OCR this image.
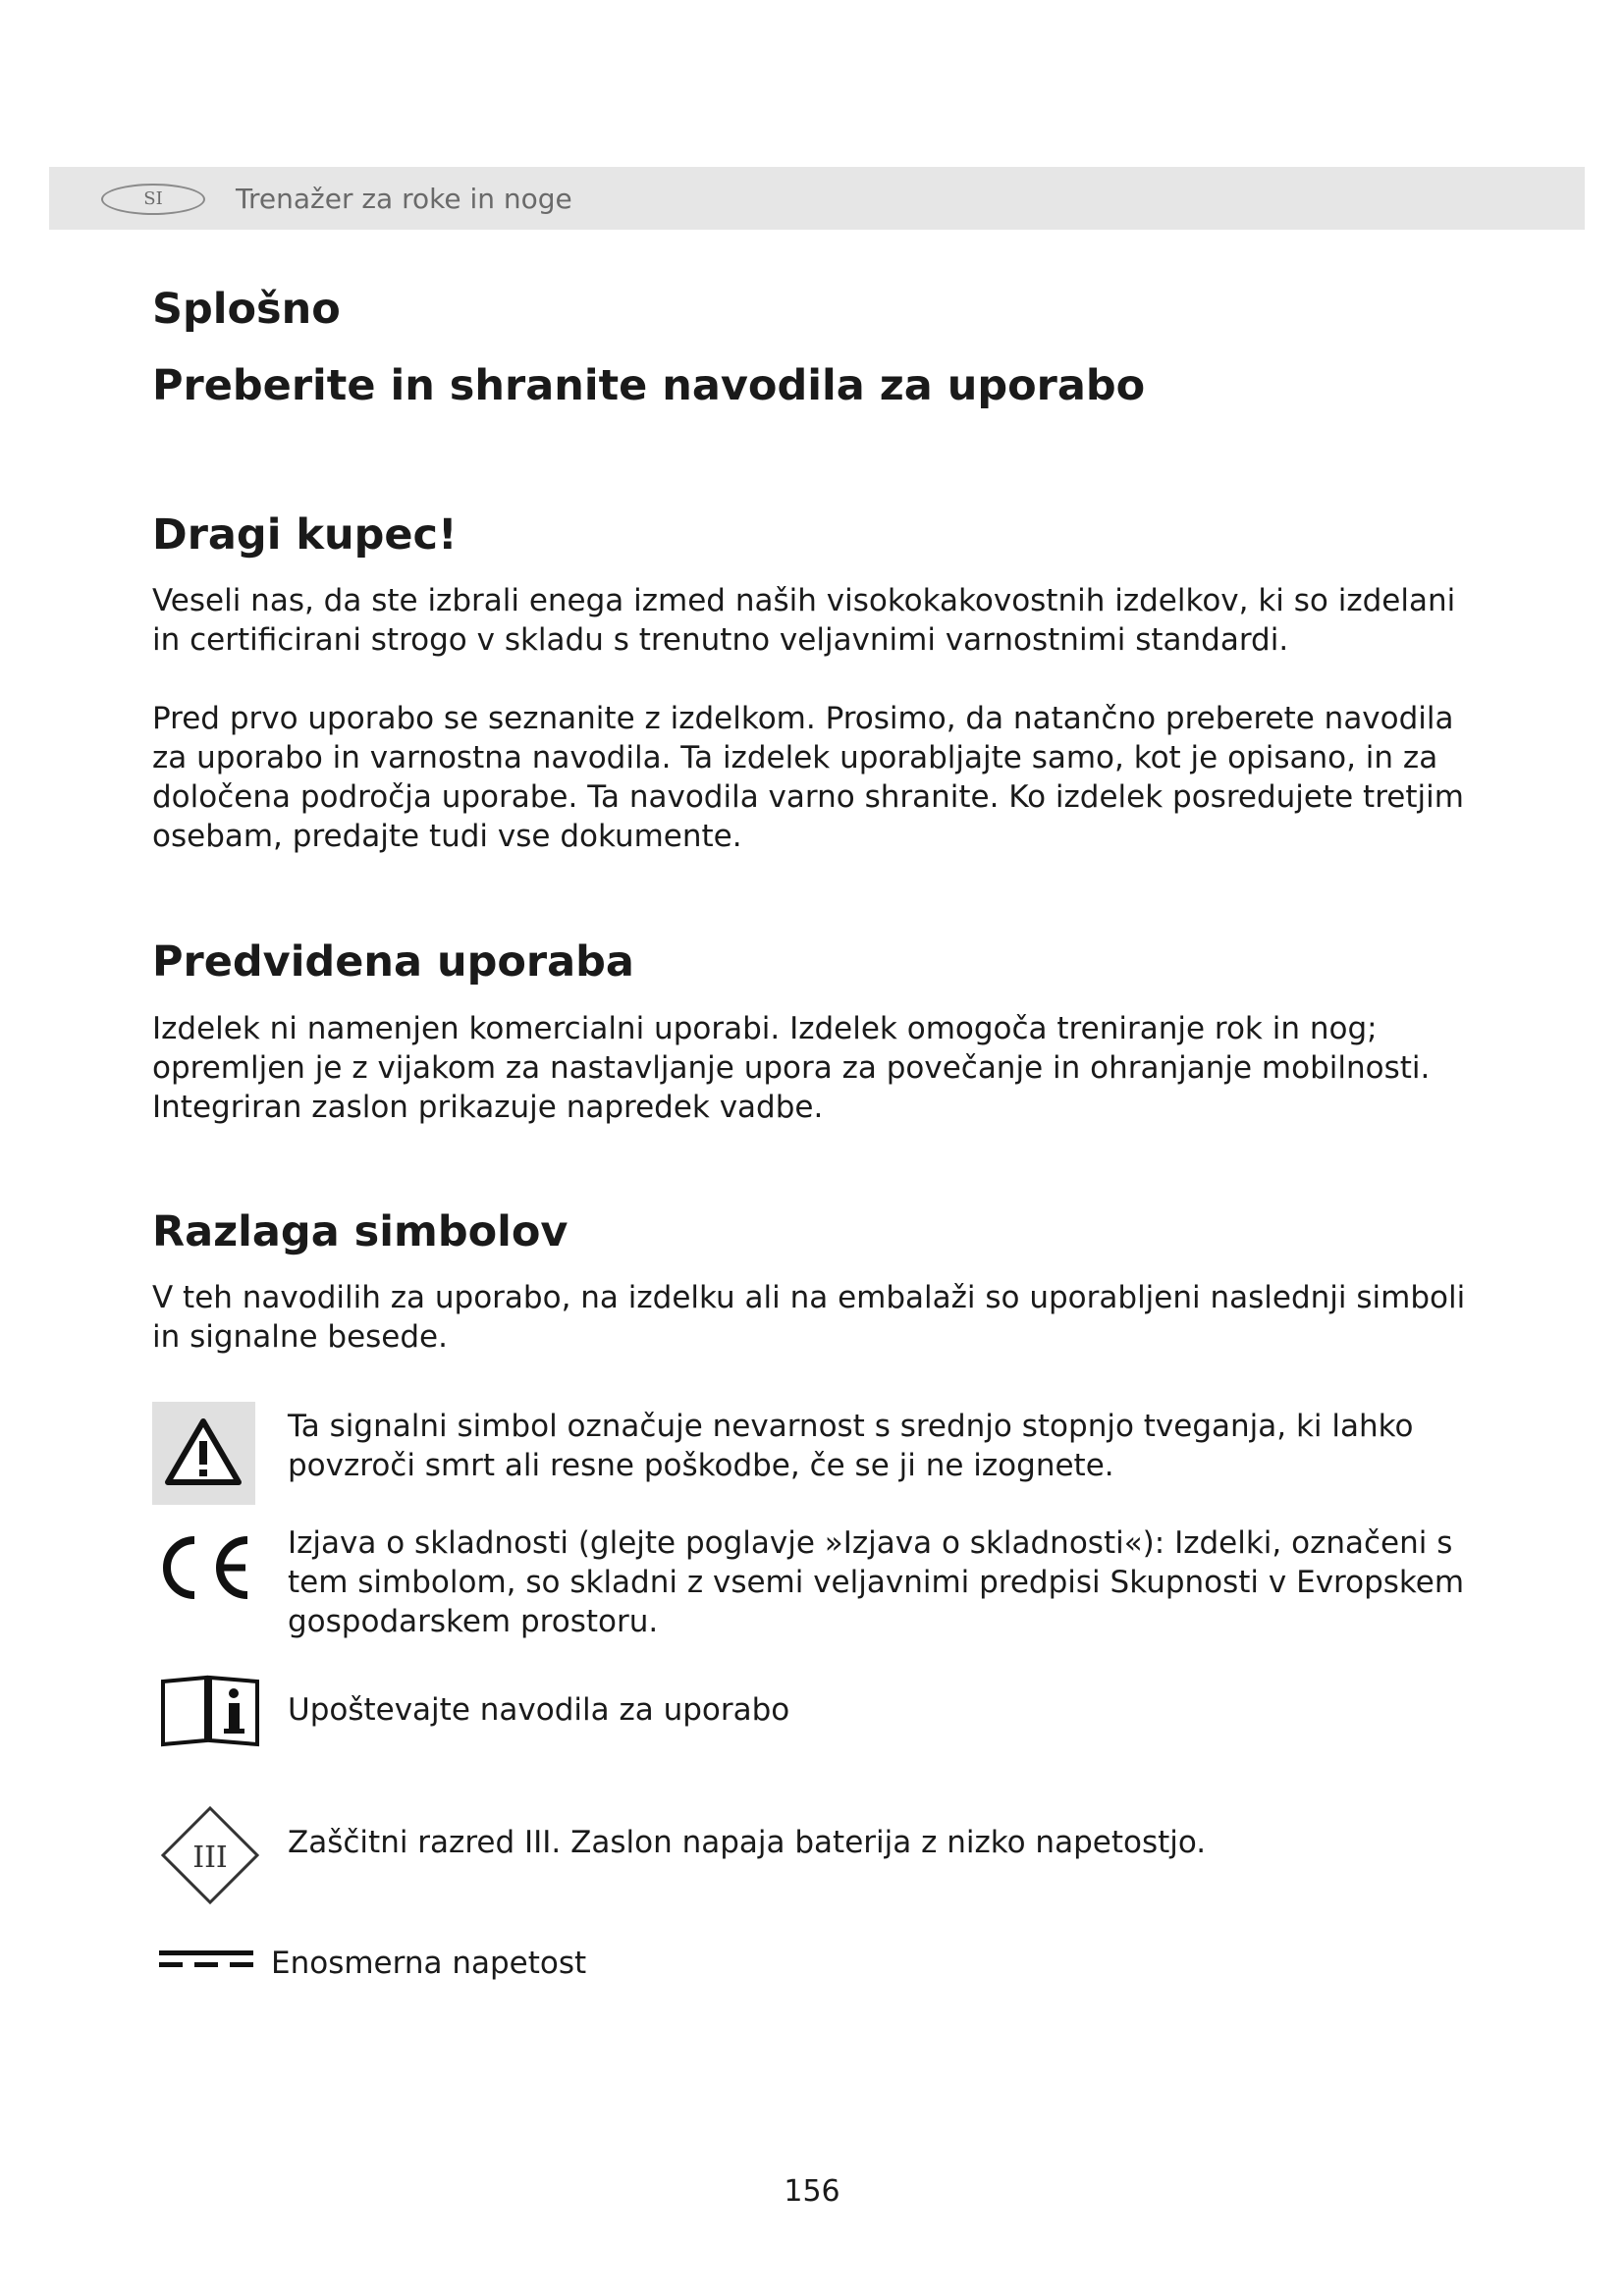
SI	Trenažer za roke in noge
Splošno
Preberite in shranite navodila za uporabo
Dragi kupec!

Veseli nas, da ste izbrali enega izmed naših visokokakovostnih izdelkov, ki so izdelani in certificirani strogo v skladu s trenutno veljavnimi varnostnimi standardi.

Pred prvo uporabo se seznanite z izdelkom. Prosimo, da natančno preberete navodila za uporabo in varnostna navodila. Ta izdelek uporabljajte samo, kot je opisano, in za določena področja uporabe. Ta navodila varno shranite. Ko izdelek posredujete tretjim osebam, predajte tudi vse dokumente.

Predvidena uporaba

Izdelek ni namenjen komercialni uporabi. Izdelek omogoča treniranje rok in nog; opremljen je z vijakom za nastavljanje upora za povečanje in ohranjanje mobilnosti. Integriran zaslon prikazuje napredek vadbe.

Razlaga simbolov

V teh navodilih za uporabo, na izdelku ali na embalaži so uporabljeni naslednji simboli in signalne besede.

Ta signalni simbol označuje nevarnost s srednjo stopnjo tveganja, ki lahko povzroči smrt ali resne poškodbe, če se ji ne izognete.

Izjava o skladnosti (glejte poglavje »Izjava o skladnosti«): Izdelki, označeni s tem simbolom, so skladni z vsemi veljavnimi predpisi Skupnosti v Evropskem gospodarskem prostoru.

Upoštevajte navodila za uporabo

III Zaščitni razred III. Zaslon napaja baterija z nizko napetostjo.

Enosmerna napetost

156
